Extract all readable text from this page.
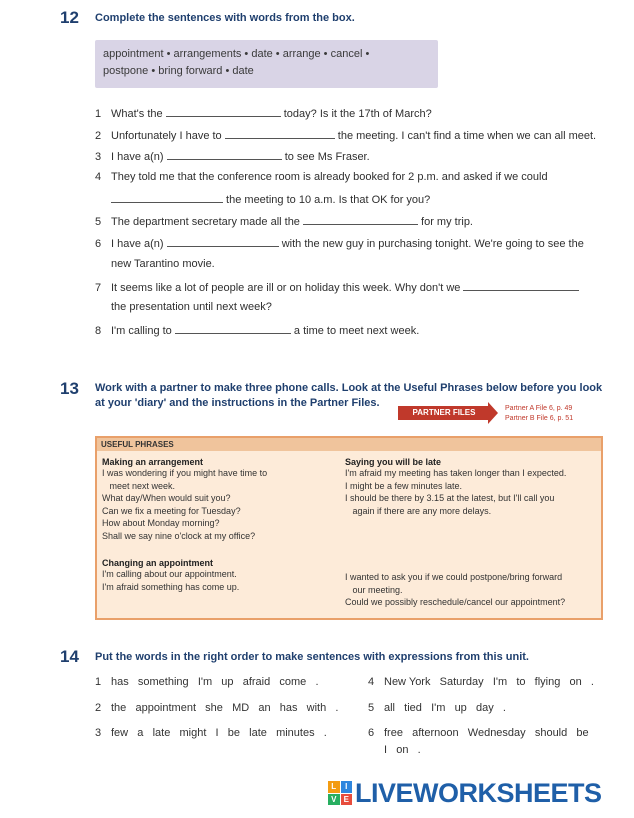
12 Complete the sentences with words from the box.
appointment • arrangements • date • arrange • cancel •
postpone • bring forward • date
1 What's the	today? Is it the 17th of March?
2 Unfortunately I have to	the meeting. I can't find a time when we can all meet.
3 I have a(n)	to see Ms Fraser.
4 They told me that the conference room is already booked for 2 p.m. and asked if we could
the meeting to 10 a.m. Is that OK for you?
5 The department secretary made all the	for my trip.
6 I have a(n)	with the new guy in purchasing tonight. We're going to see the
new Tarantino movie.
7 It seems like a lot of people are ill or on holiday this week. Why don't we
the presentation until next week?
8 I'm calling to	a time to meet next week.
13 Work with a partner to make three phone calls. Look at the Useful Phrases below before you look
at your 'diary' and the instructions in the Partner Files.
PARTNER FILES	Partner A File 6, p. 49
Partner B File 6, p. 51
USEFUL PHRASES
Making an arrangement
I was wondering if you might have time to
meet next week.
What day/When would suit you?
Can we fix a meeting for Tuesday?
How about Monday morning?
Shall we say nine o'clock at my office?
Saying you will be late
I'm afraid my meeting has taken longer than I expected.
I might be a few minutes late.
I should be there by 3.15 at the latest, but I'll call you
again if there are any more delays.
Changing an appointment
I'm calling about our appointment.
I'm afraid something has come up.
I wanted to ask you if we could postpone/bring forward
our meeting.
Could we possibly reschedule/cancel our appointment?
14 Put the words in the right order to make sentences with expressions from this unit.
1 has   something   I'm   up   afraid   come   .	4 New York   Saturday   I'm   to   flying   on   .
2 the   appointment   she   MD   an   has   with   .	5 all   tied   I'm   up   day   .
3 few   a   late   might   I   be   late   minutes   .	6 free   afternoon   Wednesday   should   be
I   on   .
L	I
V E LIVEWORKSHEETS
